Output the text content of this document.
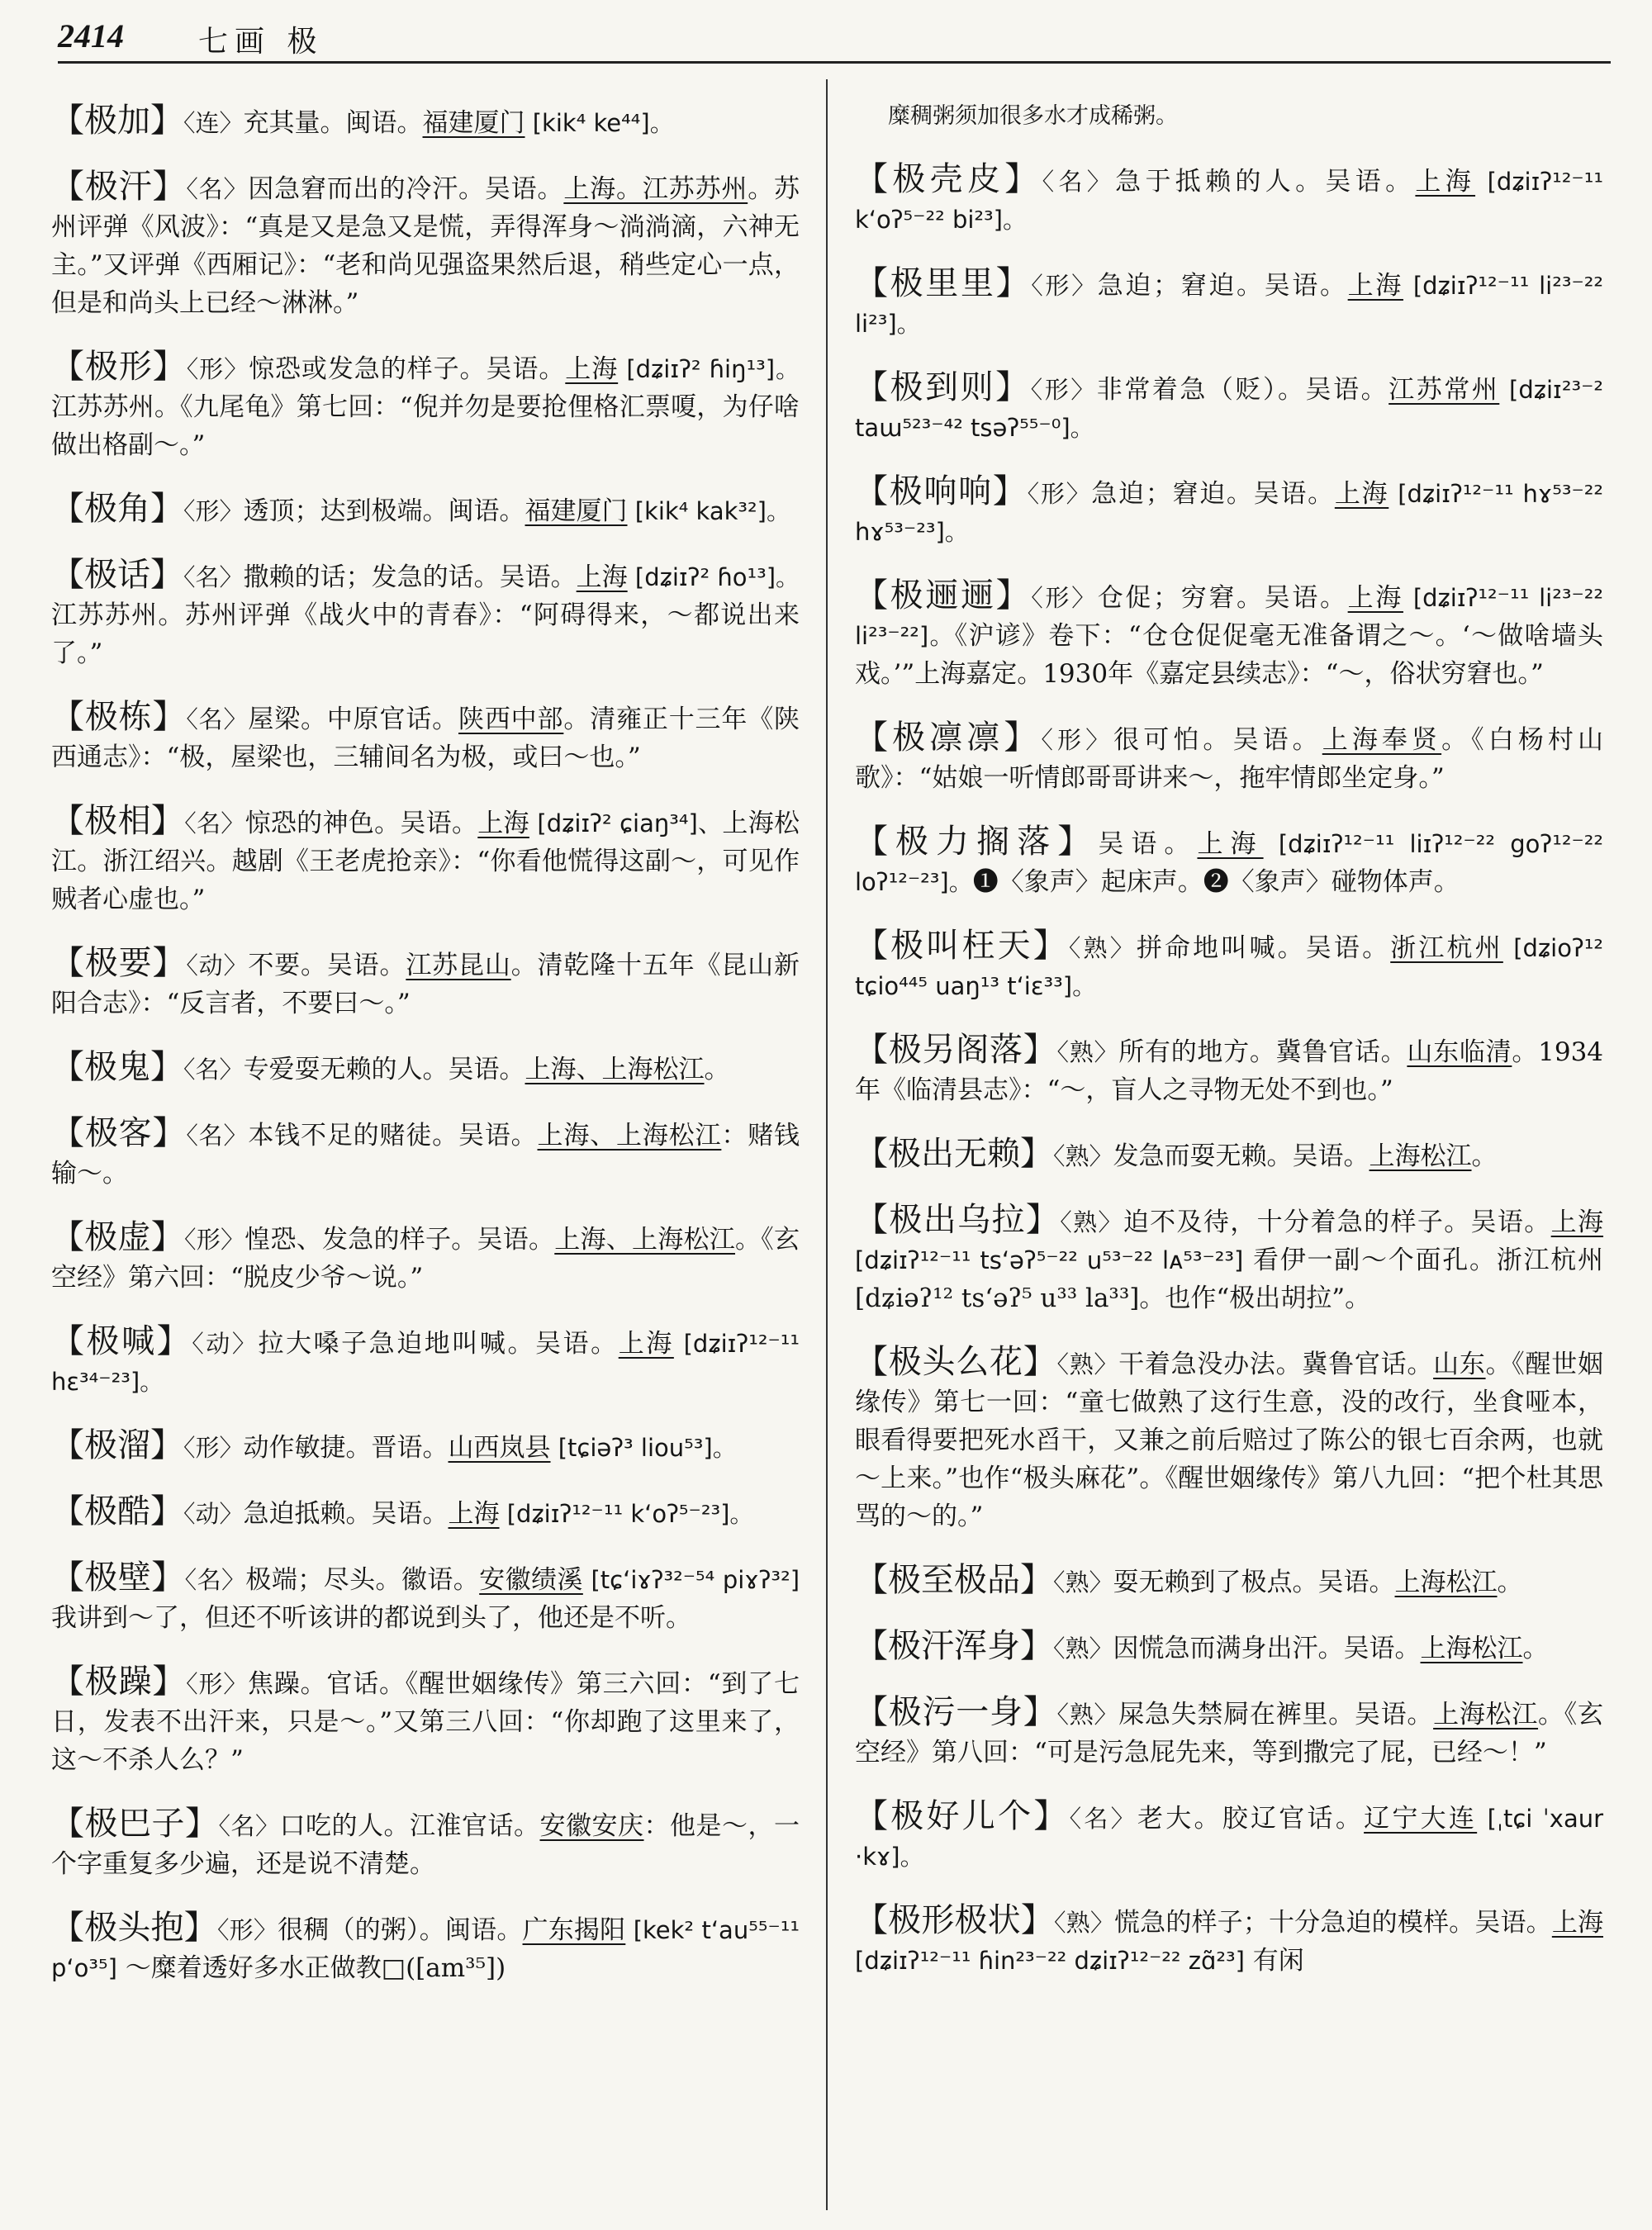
2414	七画 极

【极加】〈连〉充其量。闽语。福建厦门 [kik⁴ ke⁴⁴]。

【极汗】〈名〉因急窘而出的冷汗。吴语。上海。江苏苏州。苏州评弹《风波》：“真是又是急又是慌，弄得浑身～淌淌滴，六神无主。”又评弹《西厢记》：“老和尚见强盗果然后退，稍些定心一点，但是和尚头上已经～淋淋。”

【极形】〈形〉惊恐或发急的样子。吴语。上海 [dʑiɪʔ² ɦiŋ¹³]。江苏苏州。《九尾龟》第七回：“倪并勿是要抢俚格汇票嗄，为仔啥做出格副～。”

【极角】〈形〉透顶；达到极端。闽语。福建厦门 [kik⁴ kak³²]。

【极话】〈名〉撒赖的话；发急的话。吴语。上海 [dʑiɪʔ² ɦo¹³]。江苏苏州。苏州评弹《战火中的青春》：“阿碍得来，～都说出来了。”

【极栋】〈名〉屋梁。中原官话。陕西中部。清雍正十三年《陕西通志》：“极，屋梁也，三辅间名为极，或曰～也。”

【极相】〈名〉惊恐的神色。吴语。上海 [dʑiɪʔ² ɕiaŋ³⁴]、上海松江。浙江绍兴。越剧《王老虎抢亲》：“你看他慌得这副～，可见作贼者心虚也。”

【极要】〈动〉不要。吴语。江苏昆山。清乾隆十五年《昆山新阳合志》：“反言者，不要曰～。”

【极鬼】〈名〉专爱耍无赖的人。吴语。上海、上海松江。

【极客】〈名〉本钱不足的赌徒。吴语。上海、上海松江：赌钱输～。

【极虚】〈形〉惶恐、发急的样子。吴语。上海、上海松江。《玄空经》第六回：“脱皮少爷～说。”

【极喊】〈动〉拉大嗓子急迫地叫喊。吴语。上海 [dʑiɪʔ¹²⁻¹¹ hɛ³⁴⁻²³]。

【极溜】〈形〉动作敏捷。晋语。山西岚县 [tɕiəʔ³ liou⁵³]。

【极酷】〈动〉急迫抵赖。吴语。上海 [dʑiɪʔ¹²⁻¹¹ kʻoʔ⁵⁻²³]。

【极壁】〈名〉极端；尽头。徽语。安徽绩溪 [tɕʻiɤʔ³²⁻⁵⁴ piɤʔ³²] 我讲到～了，但还不听该讲的都说到头了，他还是不听。

【极躁】〈形〉焦躁。官话。《醒世姻缘传》第三六回：“到了七日，发表不出汗来，只是～。”又第三八回：“你却跑了这里来了，这～不杀人么？”

【极巴子】〈名〉口吃的人。江淮官话。安徽安庆：他是～，一个字重复多少遍，还是说不清楚。

【极头抱】〈形〉很稠（的粥）。闽语。广东揭阳 [kek² tʻau⁵⁵⁻¹¹ pʻo³⁵] ～糜着透好多水正做教□([am³⁵])

糜稠粥须加很多水才成稀粥。

【极壳皮】〈名〉急于抵赖的人。吴语。上海 [dʑiɪʔ¹²⁻¹¹ kʻoʔ⁵⁻²² bi²³]。

【极里里】〈形〉急迫；窘迫。吴语。上海 [dʑiɪʔ¹²⁻¹¹ li²³⁻²² li²³]。

【极到则】〈形〉非常着急（贬）。吴语。江苏常州 [dʑiɪ²³⁻² taɯ⁵²³⁻⁴² tsəʔ⁵⁵⁻⁰]。

【极响响】〈形〉急迫；窘迫。吴语。上海 [dʑiɪʔ¹²⁻¹¹ hɤ⁵³⁻²² hɤ⁵³⁻²³]。

【极逦逦】〈形〉仓促；穷窘。吴语。上海 [dʑiɪʔ¹²⁻¹¹ li²³⁻²² li²³⁻²²]。《沪谚》卷下：“仓仓促促毫无准备谓之～。‘～做啥墙头戏。’”上海嘉定。1930年《嘉定县续志》：“～，俗状穷窘也。”

【极凛凛】〈形〉很可怕。吴语。上海奉贤。《白杨村山歌》：“姑娘一听情郎哥哥讲来～，拖牢情郎坐定身。”

【极力搁落】吴语。上海 [dʑiɪʔ¹²⁻¹¹ liɪʔ¹²⁻²² goʔ¹²⁻²² loʔ¹²⁻²³]。❶〈象声〉起床声。❷〈象声〉碰物体声。

【极叫枉天】〈熟〉拼命地叫喊。吴语。浙江杭州 [dʑioʔ¹² tɕio⁴⁴⁵ uaŋ¹³ tʻiɛ³³]。

【极另阁落】〈熟〉所有的地方。冀鲁官话。山东临清。1934年《临清县志》：“～，盲人之寻物无处不到也。”

【极出无赖】〈熟〉发急而耍无赖。吴语。上海松江。

【极出乌拉】〈熟〉迫不及待，十分着急的样子。吴语。上海 [dʑiɪʔ¹²⁻¹¹ tsʻəʔ⁵⁻²² u⁵³⁻²² lᴀ⁵³⁻²³] 看伊一副～个面孔。浙江杭州 [dʑiəʔ¹² tsʻəʔ⁵ u³³ la³³]。也作“极出胡拉”。

【极头么花】〈熟〉干着急没办法。冀鲁官话。山东。《醒世姻缘传》第七一回：“童七做熟了这行生意，没的改行，坐食哑本，眼看得要把死水舀干，又兼之前后赔过了陈公的银七百余两，也就～上来。”也作“极头麻花”。《醒世姻缘传》第八九回：“把个杜其思骂的～的。”

【极至极品】〈熟〉耍无赖到了极点。吴语。上海松江。

【极汗浑身】〈熟〉因慌急而满身出汗。吴语。上海松江。

【极污一身】〈熟〉屎急失禁屙在裤里。吴语。上海松江。《玄空经》第八回：“可是污急屁先来，等到撒完了屁，已经～！”

【极好儿个】〈名〉老大。胶辽官话。辽宁大连 [ˌtɕi ˈxaur ·kɤ]。

【极形极状】〈熟〉慌急的样子；十分急迫的模样。吴语。上海 [dʑiɪʔ¹²⁻¹¹ ɦin²³⁻²² dʑiɪʔ¹²⁻²² zɑ̃²³] 有闲
